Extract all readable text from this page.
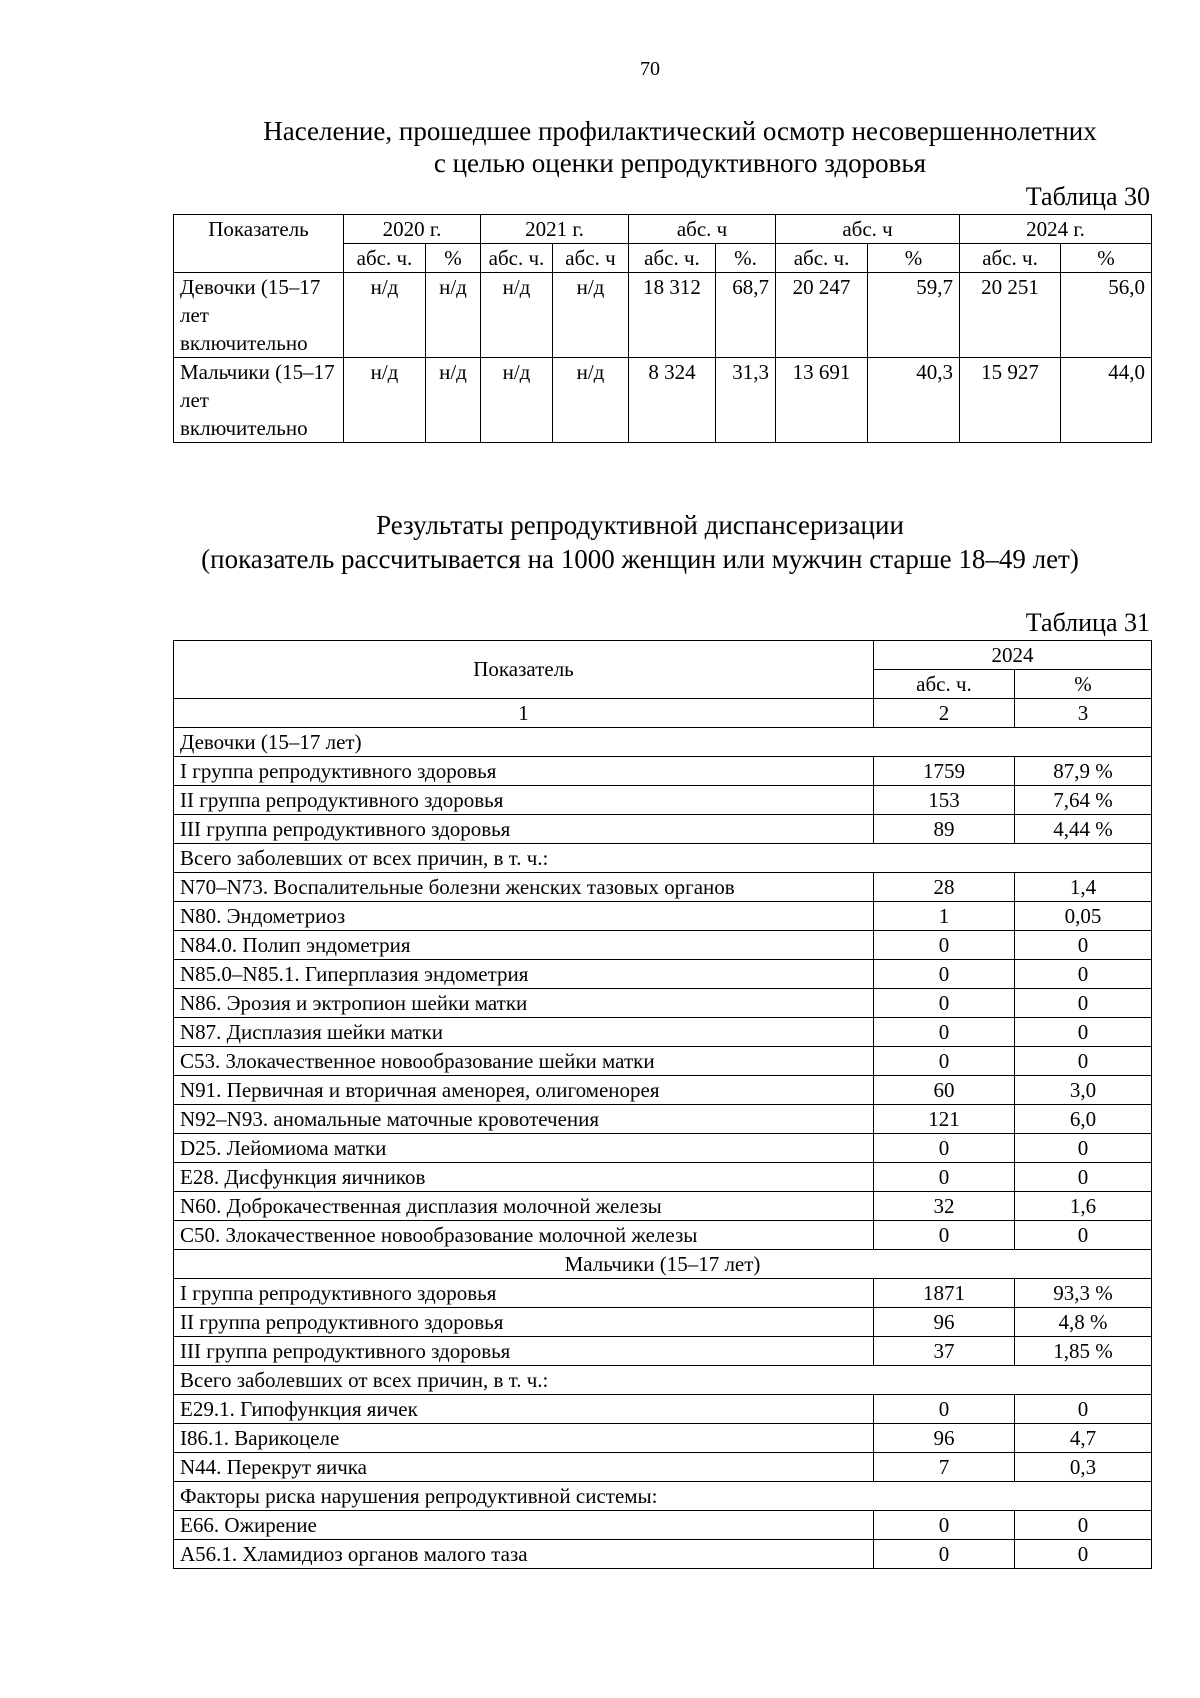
70
Население, прошедшее профилактический осмотр несовершеннолетних
с целью оценки репродуктивного здоровья
Таблица 30
Показатель	2020 г.		2021 г.		абс. ч		абс. ч		2024 г.	
	абс. ч.	%	абс. ч.	абс. ч	абс. ч.	%.	абс. ч.	%	абс. ч.	%
Девочки (15–17 лет включительно	н/д	н/д	н/д	н/д	18 312	68,7	20 247	59,7	20 251	56,0
Мальчики (15–17 лет включительно	н/д	н/д	н/д	н/д	8 324	31,3	13 691	40,3	15 927	44,0
Результаты репродуктивной диспансеризации
(показатель рассчитывается на 1000 женщин или мужчин старше 18–49 лет)
Таблица 31
Показатель	2024	
	абс. ч.	%
1	2	3
Девочки (15–17 лет)		
I группа репродуктивного здоровья	1759	87,9 %
II группа репродуктивного здоровья	153	7,64 %
III группа репродуктивного здоровья	89	4,44 %
Всего заболевших от всех причин, в т. ч.:		
N70–N73. Воспалительные болезни женских тазовых органов	28	1,4
N80. Эндометриоз	1	0,05
N84.0. Полип эндометрия	0	0
N85.0–N85.1. Гиперплазия эндометрия	0	0
N86. Эрозия и эктропион шейки матки	0	0
N87. Дисплазия шейки матки	0	0
C53. Злокачественное новообразование шейки матки	0	0
N91. Первичная и вторичная аменорея, олигоменорея	60	3,0
N92–N93. аномальные маточные кровотечения	121	6,0
D25. Лейомиома матки	0	0
E28. Дисфункция яичников	0	0
N60. Доброкачественная дисплазия молочной железы	32	1,6
C50. Злокачественное новообразование молочной железы	0	0
Мальчики (15–17 лет)		
I группа репродуктивного здоровья	1871	93,3 %
II группа репродуктивного здоровья	96	4,8 %
III группа репродуктивного здоровья	37	1,85 %
Всего заболевших от всех причин, в т. ч.:		
E29.1. Гипофункция яичек	0	0
I86.1. Варикоцеле	96	4,7
N44. Перекрут яичка	7	0,3
Факторы риска нарушения репродуктивной системы:		
E66. Ожирение	0	0
A56.1. Хламидиоз органов малого таза	0	0
